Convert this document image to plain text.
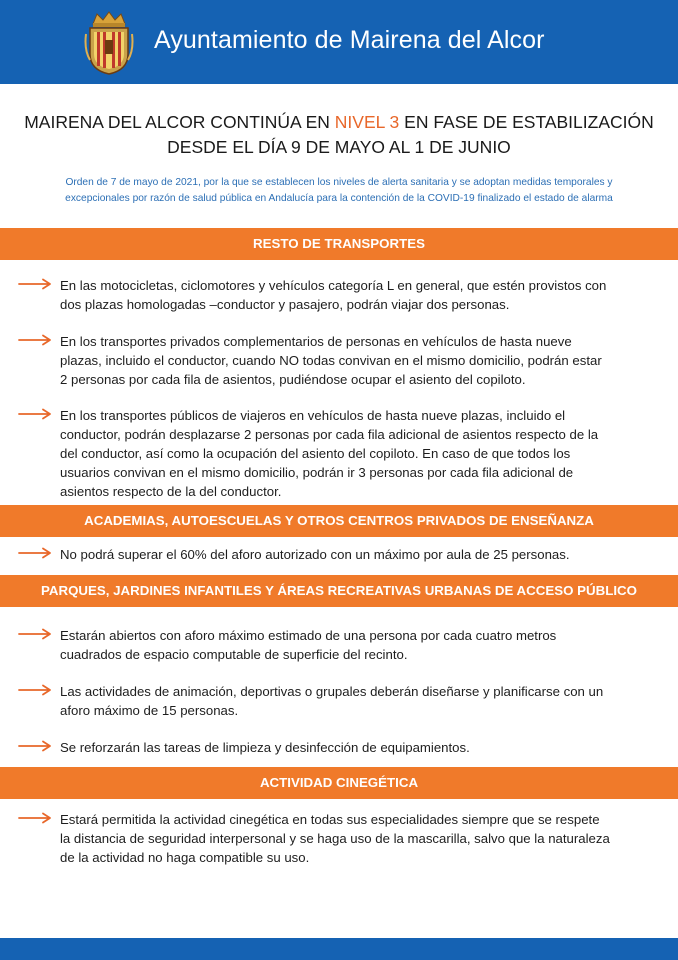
Ayuntamiento de Mairena del Alcor
MAIRENA DEL ALCOR CONTINÚA EN NIVEL 3 EN FASE DE ESTABILIZACIÓN
DESDE EL DÍA 9 DE MAYO AL 1 DE JUNIO
Orden de 7 de mayo de 2021, por la que se establecen los niveles de alerta sanitaria y se adoptan medidas temporales y
excepcionales por razón de salud pública en Andalucía para la contención de la COVID-19 finalizado el estado de alarma
RESTO DE TRANSPORTES
En las motocicletas, ciclomotores y vehículos categoría L en general, que estén provistos con
dos plazas homologadas –conductor y pasajero, podrán viajar dos personas.
En los transportes privados complementarios de personas en vehículos de hasta nueve
plazas, incluido el conductor, cuando NO todas convivan en el mismo domicilio, podrán estar
2 personas por cada fila de asientos, pudiéndose ocupar el asiento del copiloto.
En los transportes públicos de viajeros en vehículos de hasta nueve plazas, incluido el
conductor, podrán desplazarse 2 personas por cada fila adicional de asientos respecto de la
del conductor, así como la ocupación del asiento del copiloto. En caso de que todos los
usuarios convivan en el mismo domicilio, podrán ir 3 personas por cada fila adicional de
asientos respecto de la del conductor.
ACADEMIAS, AUTOESCUELAS Y OTROS CENTROS PRIVADOS DE ENSEÑANZA
No podrá superar el 60% del aforo autorizado con un máximo por aula de 25 personas.
PARQUES, JARDINES INFANTILES Y ÁREAS RECREATIVAS URBANAS DE ACCESO PÚBLICO
Estarán abiertos con aforo máximo estimado de una persona por cada cuatro metros
cuadrados de espacio computable de superficie del recinto.
Las actividades de animación, deportivas o grupales deberán diseñarse y planificarse con un
aforo máximo de 15 personas.
Se reforzarán las tareas de limpieza y desinfección de equipamientos.
ACTIVIDAD CINEGÉTICA
Estará permitida la actividad cinegética en todas sus especialidades siempre que se respete
la distancia de seguridad interpersonal y se haga uso de la mascarilla, salvo que la naturaleza
de la actividad no haga compatible su uso.
